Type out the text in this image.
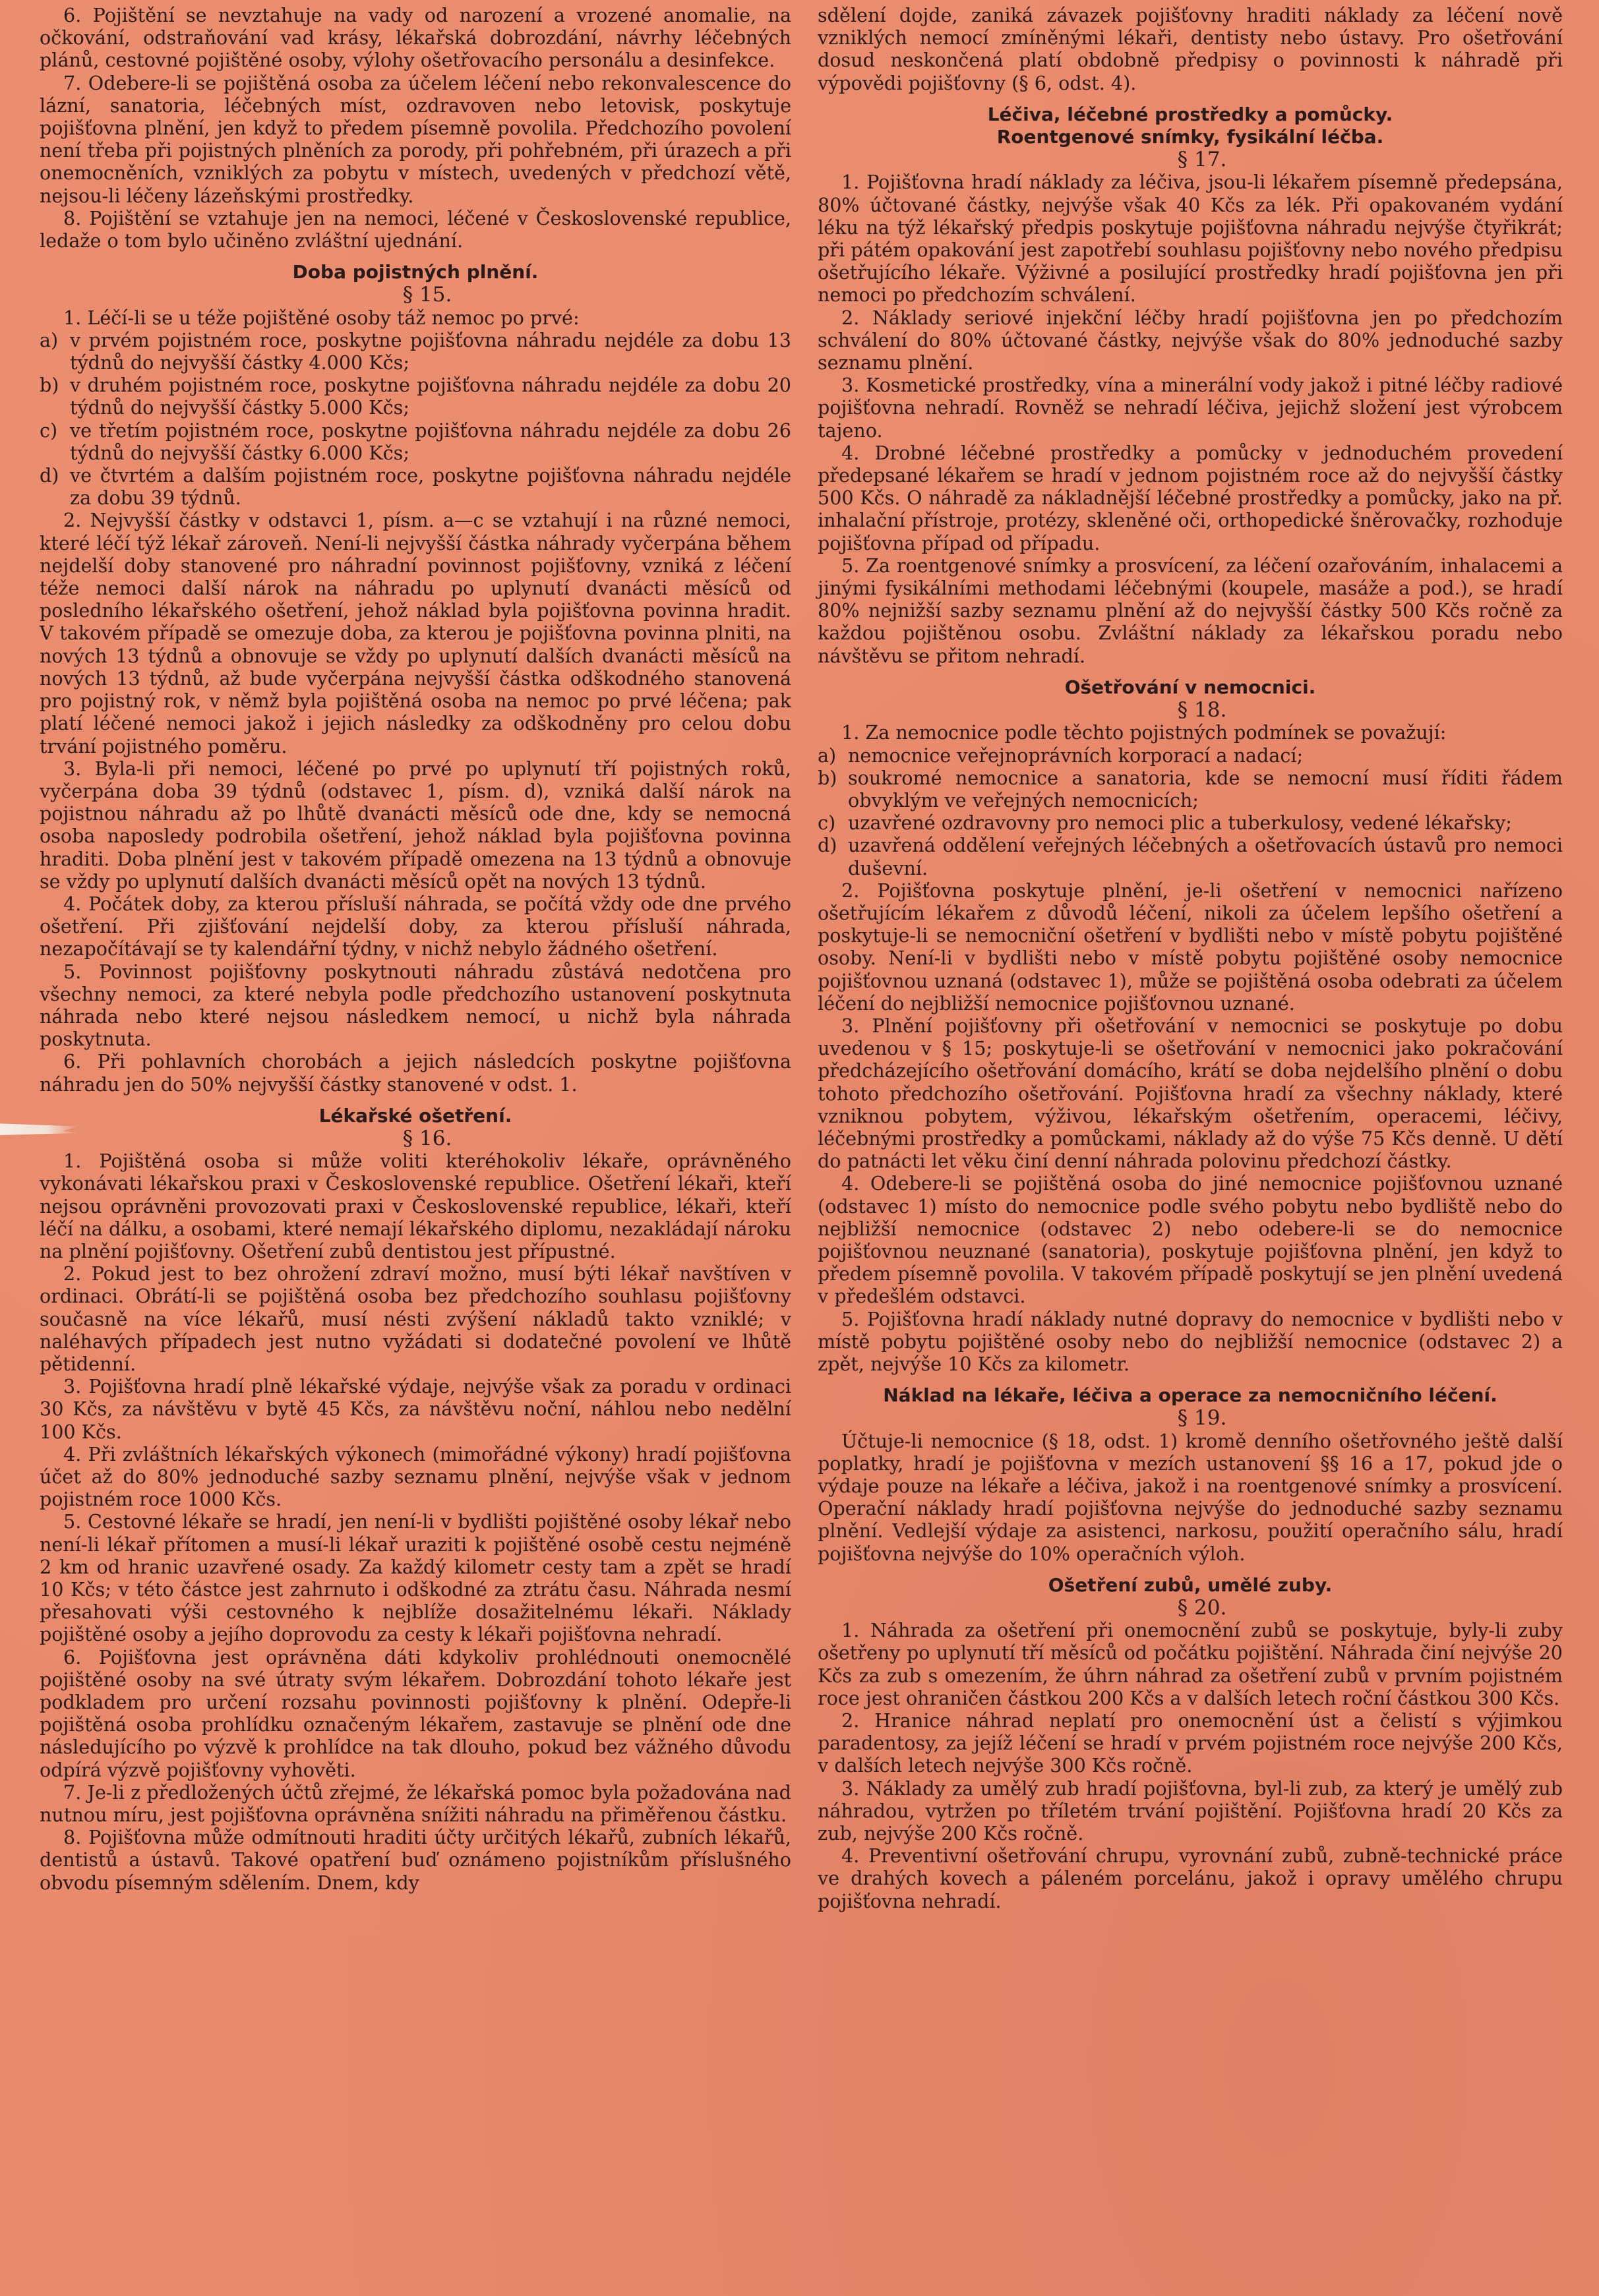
6. Pojištění se nevztahuje na vady od narození a vrozené anomalie, na očkování, odstraňování vad krásy, lékařská dobrozdání, návrhy léčebných plánů, cestovné pojištěné osoby, výlohy ošetřovacího personálu a desinfekce.

7. Odebere-li se pojištěná osoba za účelem léčení nebo rekonvalescence do lázní, sanatoria, léčebných míst, ozdravoven nebo letovisk, poskytuje pojišťovna plnění, jen když to předem písemně povolila. Předchozího povolení není třeba při pojistných plněních za porody, při pohřebném, při úrazech a při onemocněních, vzniklých za pobytu v místech, uvedených v předchozí větě, nejsou-li léčeny lázeňskými prostředky.

8. Pojištění se vztahuje jen na nemoci, léčené v Československé republice, ledaže o tom bylo učiněno zvláštní ujednání.

Doba pojistných plnění.

§ 15.

1. Léčí-li se u téže pojištěné osoby táž nemoc po prvé:

a) v prvém pojistném roce, poskytne pojišťovna náhradu nejdéle za dobu 13 týdnů do nejvyšší částky 4.000 Kčs;
b) v druhém pojistném roce, poskytne pojišťovna náhradu nejdéle za dobu 20 týdnů do nejvyšší částky 5.000 Kčs;
c) ve třetím pojistném roce, poskytne pojišťovna náhradu nejdéle za dobu 26 týdnů do nejvyšší částky 6.000 Kčs;
d) ve čtvrtém a dalším pojistném roce, poskytne pojišťovna náhradu nejdéle za dobu 39 týdnů.

2. Nejvyšší částky v odstavci 1, písm. a—c se vztahují i na různé nemoci, které léčí týž lékař zároveň. Není-li nejvyšší částka náhrady vyčerpána během nejdelší doby stanovené pro náhradní povinnost pojišťovny, vzniká z léčení téže nemoci další nárok na náhradu po uplynutí dvanácti měsíců od posledního lékařského ošetření, jehož náklad byla pojišťovna povinna hradit. V takovém případě se omezuje doba, za kterou je pojišťovna povinna plniti, na nových 13 týdnů a obnovuje se vždy po uplynutí dalších dvanácti měsíců na nových 13 týdnů, až bude vyčerpána nejvyšší částka odškodného stanovená pro pojistný rok, v němž byla pojištěná osoba na nemoc po prvé léčena; pak platí léčené nemoci jakož i jejich následky za odškodněny pro celou dobu trvání pojistného poměru.

3. Byla-li při nemoci, léčené po prvé po uplynutí tří pojistných roků, vyčerpána doba 39 týdnů (odstavec 1, písm. d), vzniká další nárok na pojistnou náhradu až po lhůtě dvanácti měsíců ode dne, kdy se nemocná osoba naposledy podrobila ošetření, jehož náklad byla pojišťovna povinna hraditi. Doba plnění jest v takovém případě omezena na 13 týdnů a obnovuje se vždy po uplynutí dalších dvanácti měsíců opět na nových 13 týdnů.

4. Počátek doby, za kterou přísluší náhrada, se počítá vždy ode dne prvého ošetření. Při zjišťování nejdelší doby, za kterou přísluší náhrada, nezapočítávají se ty kalendářní týdny, v nichž nebylo žádného ošetření.

5. Povinnost pojišťovny poskytnouti náhradu zůstává nedotčena pro všechny nemoci, za které nebyla podle předchozího ustanovení poskytnuta náhrada nebo které nejsou následkem nemocí, u nichž byla náhrada poskytnuta.

6. Při pohlavních chorobách a jejich následcích poskytne pojišťovna náhradu jen do 50% nejvyšší částky stanovené v odst. 1.

Lékařské ošetření.

§ 16.

1. Pojištěná osoba si může voliti kteréhokoliv lékaře, oprávněného vykonávati lékařskou praxi v Československé republice. Ošetření lékaři, kteří nejsou oprávněni provozovati praxi v Československé republice, lékaři, kteří léčí na dálku, a osobami, které nemají lékařského diplomu, nezakládají nároku na plnění pojišťovny. Ošetření zubů dentistou jest přípustné.

2. Pokud jest to bez ohrožení zdraví možno, musí býti lékař navštíven v ordinaci. Obrátí-li se pojištěná osoba bez předchozího souhlasu pojišťovny současně na více lékařů, musí nésti zvýšení nákladů takto vzniklé; v naléhavých případech jest nutno vyžádati si dodatečné povolení ve lhůtě pětidenní.

3. Pojišťovna hradí plně lékařské výdaje, nejvýše však za poradu v ordinaci 30 Kčs, za návštěvu v bytě 45 Kčs, za návštěvu noční, náhlou nebo nedělní 100 Kčs.

4. Při zvláštních lékařských výkonech (mimořádné výkony) hradí pojišťovna účet až do 80% jednoduché sazby seznamu plnění, nejvýše však v jednom pojistném roce 1000 Kčs.

5. Cestovné lékaře se hradí, jen není-li v bydlišti pojištěné osoby lékař nebo není-li lékař přítomen a musí-li lékař uraziti k pojištěné osobě cestu nejméně 2 km od hranic uzavřené osady. Za každý kilometr cesty tam a zpět se hradí 10 Kčs; v této částce jest zahrnuto i odškodné za ztrátu času. Náhrada nesmí přesahovati výši cestovného k nejblíže dosažitelnému lékaři. Náklady pojištěné osoby a jejího doprovodu za cesty k lékaři pojišťovna nehradí.

6. Pojišťovna jest oprávněna dáti kdykoliv prohlédnouti onemocnělé pojištěné osoby na své útraty svým lékařem. Dobrozdání tohoto lékaře jest podkladem pro určení rozsahu povinnosti pojišťovny k plnění. Odepře-li pojištěná osoba prohlídku označeným lékařem, zastavuje se plnění ode dne následujícího po výzvě k prohlídce na tak dlouho, pokud bez vážného důvodu odpírá výzvě pojišťovny vyhověti.

7. Je-li z předložených účtů zřejmé, že lékařská pomoc byla požadována nad nutnou míru, jest pojišťovna oprávněna snížiti náhradu na přiměřenou částku.

8. Pojišťovna může odmítnouti hraditi účty určitých lékařů, zubních lékařů, dentistů a ústavů. Takové opatření buď oznámeno pojistníkům příslušného obvodu písemným sdělením. Dnem, kdy

sdělení dojde, zaniká závazek pojišťovny hraditi náklady za léčení nově vzniklých nemocí zmíněnými lékaři, dentisty nebo ústavy. Pro ošetřování dosud neskončená platí obdobně předpisy o povinnosti k náhradě při výpovědi pojišťovny (§ 6, odst. 4).

Léčiva, léčebné prostředky a pomůcky.
Roentgenové snímky, fysikální léčba.

§ 17.

1. Pojišťovna hradí náklady za léčiva, jsou-li lékařem písemně předepsána, 80% účtované částky, nejvýše však 40 Kčs za lék. Při opakovaném vydání léku na týž lékařský předpis poskytuje pojišťovna náhradu nejvýše čtyřikrát; při pátém opakování jest zapotřebí souhlasu pojišťovny nebo nového předpisu ošetřujícího lékaře. Výživné a posilující prostředky hradí pojišťovna jen při nemoci po předchozím schválení.

2. Náklady seriové injekční léčby hradí pojišťovna jen po předchozím schválení do 80% účtované částky, nejvýše však do 80% jednoduché sazby seznamu plnění.

3. Kosmetické prostředky, vína a minerální vody jakož i pitné léčby radiové pojišťovna nehradí. Rovněž se nehradí léčiva, jejichž složení jest výrobcem tajeno.

4. Drobné léčebné prostředky a pomůcky v jednoduchém provedení předepsané lékařem se hradí v jednom pojistném roce až do nejvyšší částky 500 Kčs. O náhradě za nákladnější léčebné prostředky a pomůcky, jako na př. inhalační přístroje, protézy, skleněné oči, orthopedické šněrovačky, rozhoduje pojišťovna případ od případu.

5. Za roentgenové snímky a prosvícení, za léčení ozařováním, inhalacemi a jinými fysikálními methodami léčebnými (koupele, masáže a pod.), se hradí 80% nejnižší sazby seznamu plnění až do nejvyšší částky 500 Kčs ročně za každou pojištěnou osobu. Zvláštní náklady za lékařskou poradu nebo návštěvu se přitom nehradí.

Ošetřování v nemocnici.

§ 18.

1. Za nemocnice podle těchto pojistných podmínek se považují:

a) nemocnice veřejnoprávních korporací a nadací;
b) soukromé nemocnice a sanatoria, kde se nemocní musí říditi řádem obvyklým ve veřejných nemocnicích;
c) uzavřené ozdravovny pro nemoci plic a tuberkulosy, vedené lékařsky;
d) uzavřená oddělení veřejných léčebných a ošetřovacích ústavů pro nemoci duševní.

2. Pojišťovna poskytuje plnění, je-li ošetření v nemocnici nařízeno ošetřujícím lékařem z důvodů léčení, nikoli za účelem lepšího ošetření a poskytuje-li se nemocniční ošetření v bydlišti nebo v místě pobytu pojištěné osoby. Není-li v bydlišti nebo v místě pobytu pojištěné osoby nemocnice pojišťovnou uznaná (odstavec 1), může se pojištěná osoba odebrati za účelem léčení do nejbližší nemocnice pojišťovnou uznané.

3. Plnění pojišťovny při ošetřování v nemocnici se poskytuje po dobu uvedenou v § 15; poskytuje-li se ošetřování v nemocnici jako pokračování předcházejícího ošetřování domácího, krátí se doba nejdelšího plnění o dobu tohoto předchozího ošetřování. Pojišťovna hradí za všechny náklady, které vzniknou pobytem, výživou, lékařským ošetřením, operacemi, léčivy, léčebnými prostředky a pomůckami, náklady až do výše 75 Kčs denně. U dětí do patnácti let věku činí denní náhrada polovinu předchozí částky.

4. Odebere-li se pojištěná osoba do jiné nemocnice pojišťovnou uznané (odstavec 1) místo do nemocnice podle svého pobytu nebo bydliště nebo do nejbližší nemocnice (odstavec 2) nebo odebere-li se do nemocnice pojišťovnou neuznané (sanatoria), poskytuje pojišťovna plnění, jen když to předem písemně povolila. V takovém případě poskytují se jen plnění uvedená v předešlém odstavci.

5. Pojišťovna hradí náklady nutné dopravy do nemocnice v bydlišti nebo v místě pobytu pojištěné osoby nebo do nejbližší nemocnice (odstavec 2) a zpět, nejvýše 10 Kčs za kilometr.

Náklad na lékaře, léčiva a operace za nemocničního léčení.

§ 19.

Účtuje-li nemocnice (§ 18, odst. 1) kromě denního ošetřovného ještě další poplatky, hradí je pojišťovna v mezích ustanovení §§ 16 a 17, pokud jde o výdaje pouze na lékaře a léčiva, jakož i na roentgenové snímky a prosvícení. Operační náklady hradí pojišťovna nejvýše do jednoduché sazby seznamu plnění. Vedlejší výdaje za asistenci, narkosu, použití operačního sálu, hradí pojišťovna nejvýše do 10% operačních výloh.

Ošetření zubů, umělé zuby.

§ 20.

1. Náhrada za ošetření při onemocnění zubů se poskytuje, byly-li zuby ošetřeny po uplynutí tří měsíců od počátku pojištění. Náhrada činí nejvýše 20 Kčs za zub s omezením, že úhrn náhrad za ošetření zubů v prvním pojistném roce jest ohraničen částkou 200 Kčs a v dalších letech roční částkou 300 Kčs.

2. Hranice náhrad neplatí pro onemocnění úst a čelistí s výjimkou paradentosy, za jejíž léčení se hradí v prvém pojistném roce nejvýše 200 Kčs, v dalších letech nejvýše 300 Kčs ročně.

3. Náklady za umělý zub hradí pojišťovna, byl-li zub, za který je umělý zub náhradou, vytržen po tříletém trvání pojištění. Pojišťovna hradí 20 Kčs za zub, nejvýše 200 Kčs ročně.

4. Preventivní ošetřování chrupu, vyrovnání zubů, zubně-technické práce ve drahých kovech a páleném porcelánu, jakož i opravy umělého chrupu pojišťovna nehradí.
